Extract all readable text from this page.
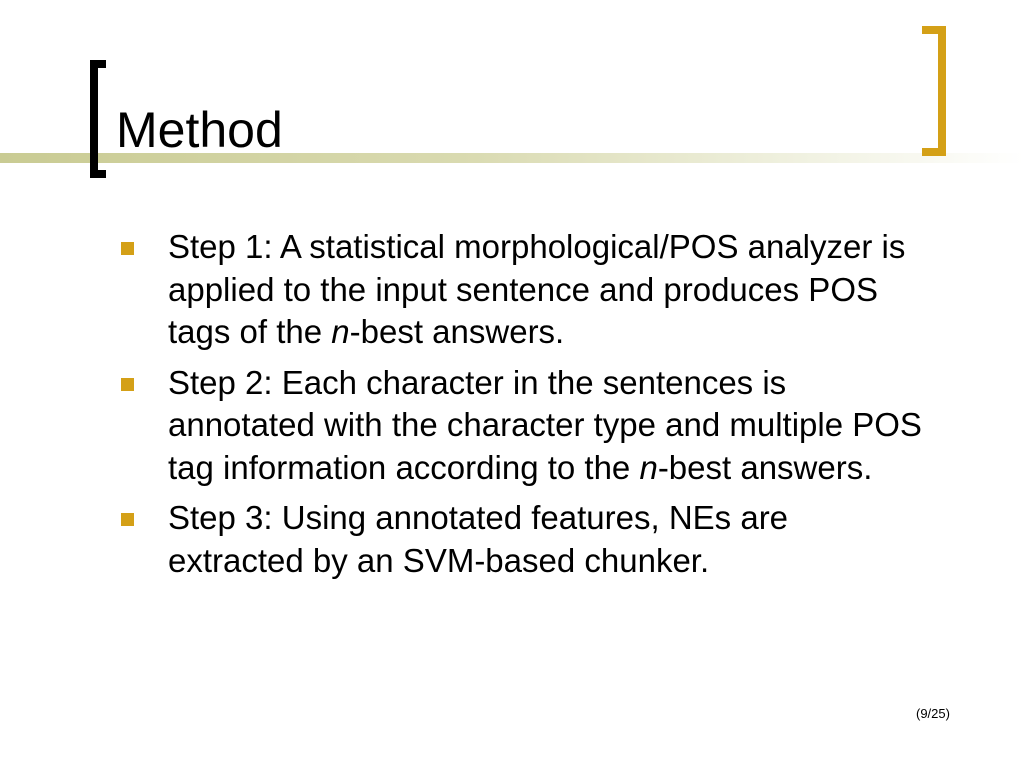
Method
Step 1: A statistical morphological/POS analyzer is applied to the input sentence and produces POS tags of the n-best answers.
Step 2: Each character in the sentences is annotated with the character type and multiple POS tag information according to the n-best answers.
Step 3: Using annotated features, NEs are extracted by an SVM-based chunker.
(9/25)
